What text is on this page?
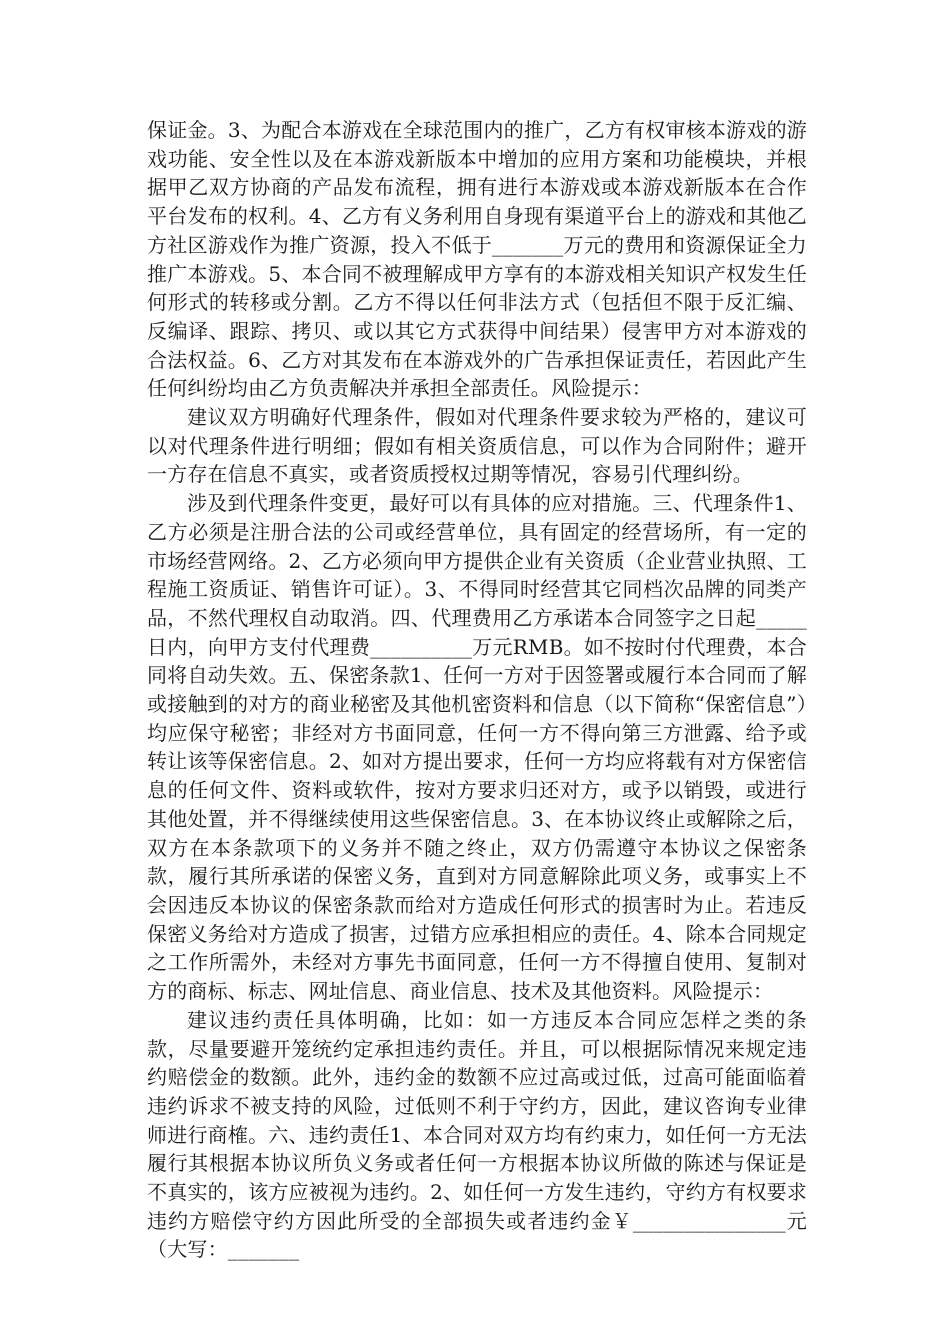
保证金。3、为配合本游戏在全球范围内的推广，乙方有权审核本游戏的游戏功能、安全性以及在本游戏新版本中增加的应用方案和功能模块，并根据甲乙双方协商的产品发布流程，拥有进行本游戏或本游戏新版本在合作平台发布的权利。4、乙方有义务利用自身现有渠道平台上的游戏和其他乙方社区游戏作为推广资源，投入不低于_______万元的费用和资源保证全力推广本游戏。5、本合同不被理解成甲方享有的本游戏相关知识产权发生任何形式的转移或分割。乙方不得以任何非法方式（包括但不限于反汇编、反编译、跟踪、拷贝、或以其它方式获得中间结果）侵害甲方对本游戏的合法权益。6、乙方对其发布在本游戏外的广告承担保证责任，若因此产生任何纠纷均由乙方负责解决并承担全部责任。风险提示：

建议双方明确好代理条件，假如对代理条件要求较为严格的，建议可以对代理条件进行明细；假如有相关资质信息，可以作为合同附件；避开一方存在信息不真实，或者资质授权过期等情况，容易引代理纠纷。

涉及到代理条件变更，最好可以有具体的应对措施。三、代理条件1、乙方必须是注册合法的公司或经营单位，具有固定的经营场所，有一定的市场经营网络。2、乙方必须向甲方提供企业有关资质（企业营业执照、工程施工资质证、销售许可证）。3、不得同时经营其它同档次品牌的同类产品，不然代理权自动取消。四、代理费用乙方承诺本合同签字之日起_____日内，向甲方支付代理费__________万元RMB。如不按时付代理费，本合同将自动失效。五、保密条款1、任何一方对于因签署或履行本合同而了解或接触到的对方的商业秘密及其他机密资料和信息（以下简称“保密信息”）均应保守秘密；非经对方书面同意，任何一方不得向第三方泄露、给予或转让该等保密信息。2、如对方提出要求，任何一方均应将载有对方保密信息的任何文件、资料或软件，按对方要求归还对方，或予以销毁，或进行其他处置，并不得继续使用这些保密信息。3、在本协议终止或解除之后，双方在本条款项下的义务并不随之终止，双方仍需遵守本协议之保密条款，履行其所承诺的保密义务，直到对方同意解除此项义务，或事实上不会因违反本协议的保密条款而给对方造成任何形式的损害时为止。若违反保密义务给对方造成了损害，过错方应承担相应的责任。4、除本合同规定之工作所需外，未经对方事先书面同意，任何一方不得擅自使用、复制对方的商标、标志、网址信息、商业信息、技术及其他资料。风险提示：

建议违约责任具体明确，比如：如一方违反本合同应怎样之类的条款，尽量要避开笼统约定承担违约责任。并且，可以根据际情况来规定违约赔偿金的数额。此外，违约金的数额不应过高或过低，过高可能面临着违约诉求不被支持的风险，过低则不利于守约方，因此，建议咨询专业律师进行商榷。六、违约责任1、本合同对双方均有约束力，如任何一方无法履行其根据本协议所负义务或者任何一方根据本协议所做的陈述与保证是不真实的，该方应被视为违约。2、如任何一方发生违约，守约方有权要求违约方赔偿守约方因此所受的全部损失或者违约金￥_______________元（大写：_______
